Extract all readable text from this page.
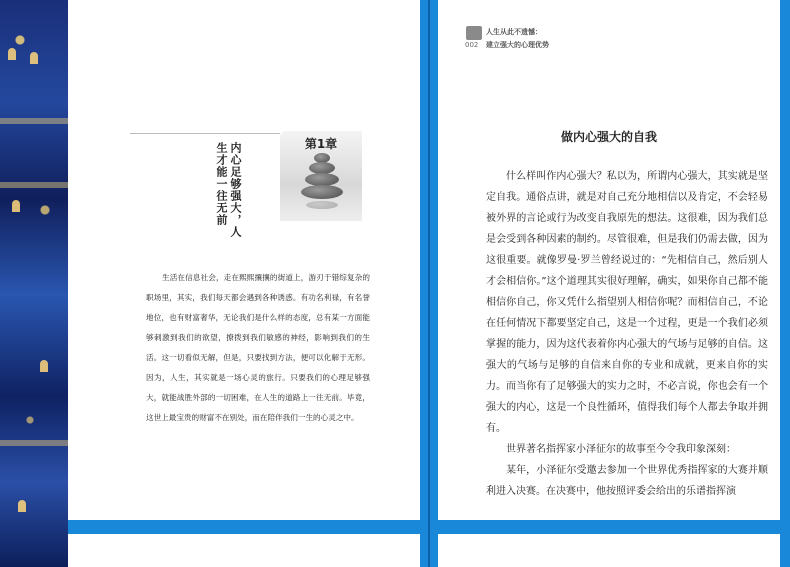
第1章
内心足够强大，人生才能一往无前

生活在信息社会，走在熙熙攘攘的街道上，游刃于错综复杂的职场里，其实，我们每天都会遇到各种诱惑。有功名利禄，有名誉地位，也有财富奢华，无论我们是什么样的态度，总有某一方面能够刺激到我们的欲望，撩拨到我们敏感的神经，影响到我们的生活。这一切看似无解，但是，只要找到方法，便可以化解于无形。因为，人生，其实就是一场心灵的旅行。只要我们的心理足够强大，就能战胜外部的一切困难，在人生的道路上一往无前。毕竟，这世上最宝贵的财富不在别处，而在陪伴我们一生的心灵之中。

002
人生从此不遗憾：
建立强大的心理优势
做内心强大的自我

什么样叫作内心强大？私以为，所谓内心强大，其实就是坚定自我。通俗点讲，就是对自己充分地相信以及肯定，不会轻易被外界的言论或行为改变自我原先的想法。这很难，因为我们总是会受到各种因素的制约。尽管很难，但是我们仍需去做，因为这很重要。就像罗曼·罗兰曾经说过的：“先相信自己，然后别人才会相信你。”这个道理其实很好理解，确实，如果你自己都不能相信你自己，你又凭什么指望别人相信你呢？而相信自己，不论在任何情况下都要坚定自己，这是一个过程，更是一个我们必须掌握的能力，因为这代表着你内心强大的气场与足够的自信。这强大的气场与足够的自信来自你的专业和成就，更来自你的实力。而当你有了足够强大的实力之时，不必言说，你也会有一个强大的内心，这是一个良性循环，值得我们每个人都去争取并拥有。

世界著名指挥家小泽征尔的故事至今令我印象深刻：

某年，小泽征尔受邀去参加一个世界优秀指挥家的大赛并顺利进入决赛。在决赛中，他按照评委会给出的乐谱指挥演
